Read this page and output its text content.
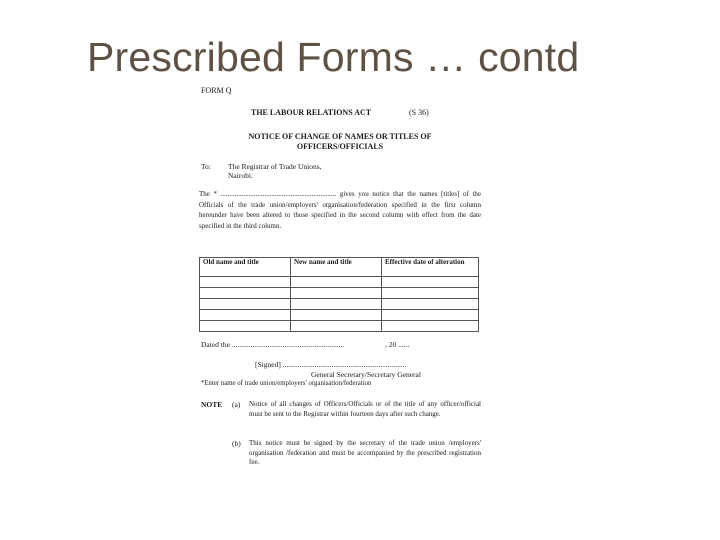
Prescribed Forms … contd
FORM Q
THE LABOUR RELATIONS ACT	(S 36)
NOTICE OF CHANGE OF NAMES OR TITLES OF
OFFICERS/OFFICIALS
To: The Registrar of Trade Unions,
Nairobi.
The * .................................................................. gives you notice that the names [titles] of the Officials of the trade union/employers' organisation/federation specified in the first column hereunder have been altered to those specified in the second column with effect from the date specified in the third column.
Old name and title	New name and title	Effective date of alteration

Dated the ............................................................	, 20 ......
[Signed] ..................................................................
General Secretary/Secretary General
*Enter name of trade union/employers' organisation/federation
NOTE (a) Notice of all changes of Officers/Officials or of the title of any officer/official must be sent to the Registrar within fourteen days after such change.
(b) This notice must be signed by the secretary of the trade union /employers' organisation /federation and must be accompanied by the prescribed registration fee.
